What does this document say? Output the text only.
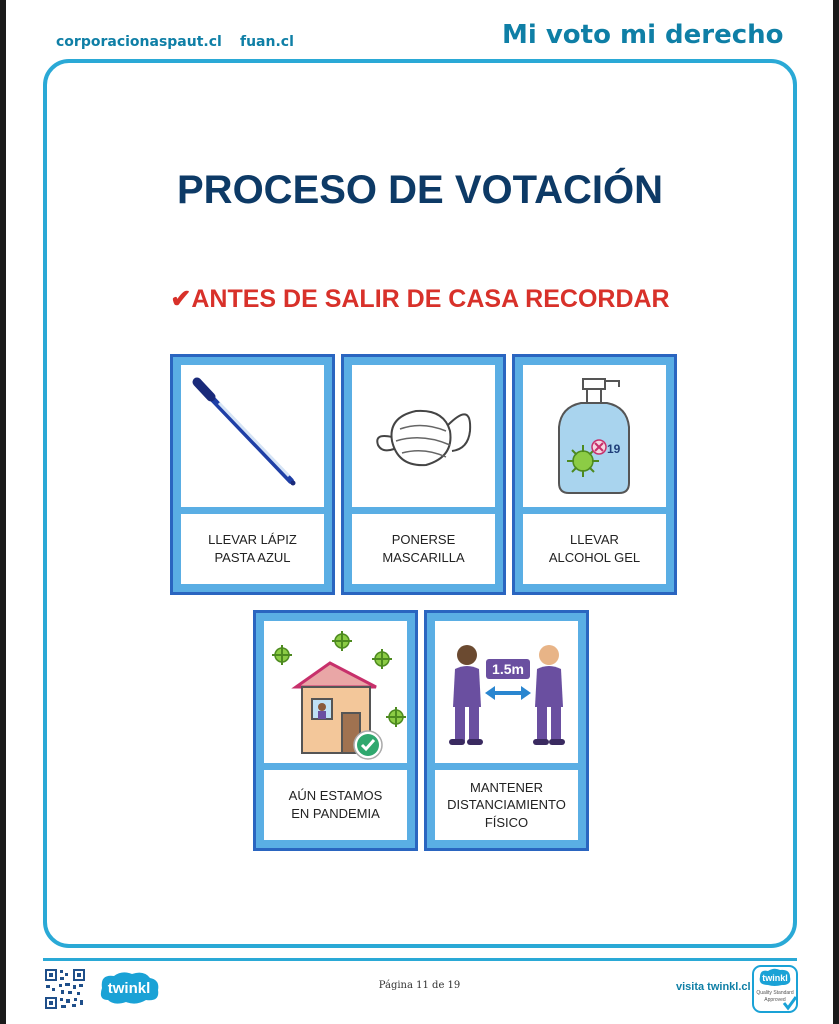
corporacionaspaut.cl fuan.cl	Mi voto mi derecho
PROCESO DE VOTACIÓN
✔ANTES DE SALIR DE CASA RECORDAR
LLEVAR LÁPIZ
PASTA AZUL
PONERSE
MASCARILLA
19
LLEVAR
ALCOHOL GEL
AÚN ESTAMOS
EN PANDEMIA
1.5m
MANTENER
DISTANCIAMIENTO
FÍSICO
twinkl	Página 11 de 19	visita twinkl.cl
twinkl
Quality Standard
Approved
